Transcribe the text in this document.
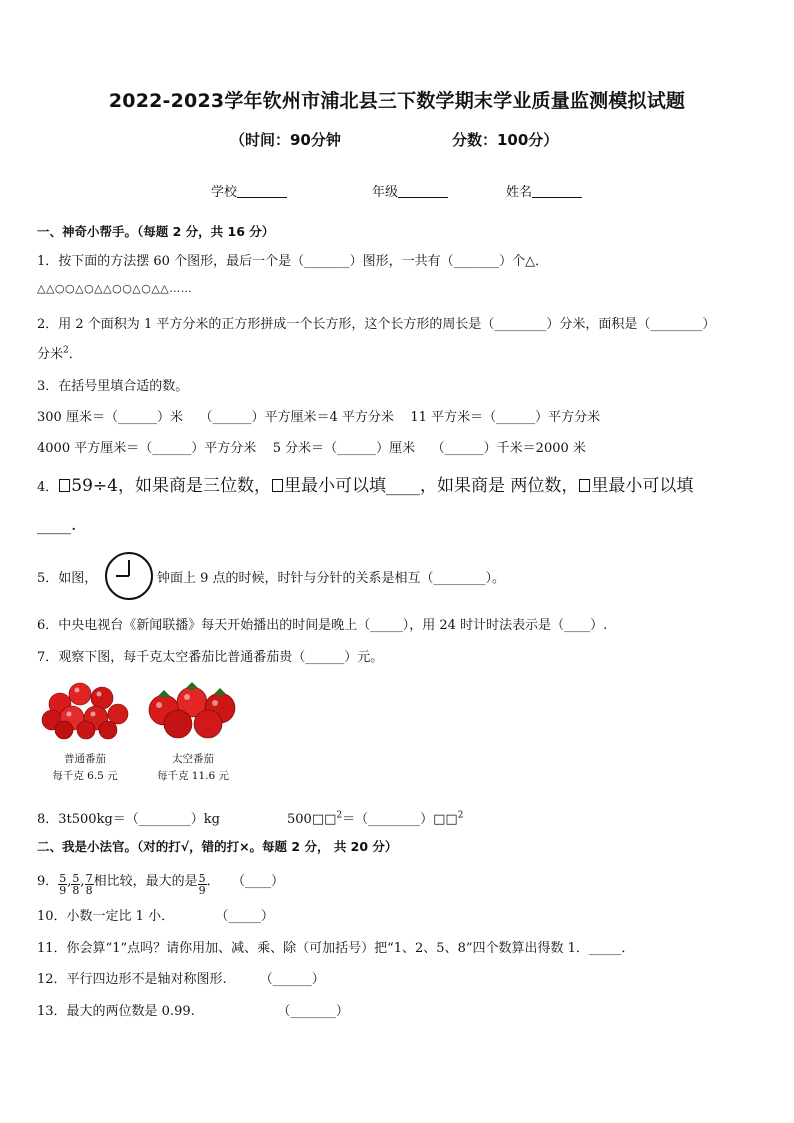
2022-2023学年钦州市浦北县三下数学期末学业质量监测模拟试题
（时间：90分钟	分数：100分）
学校	年级	姓名
一、神奇小帮手。（每题 2 分，共 16 分）
1．按下面的方法摆 60 个图形，最后一个是（_______）图形，一共有（_______）个△．
△△○○△○△△○○△○△△……
2．用 2 个面积为 1 平方分米的正方形拼成一个长方形，这个长方形的周长是（________）分米，面积是（________）
分米$^2$．
3．在括号里填合适的数。
300 厘米＝（______）米    （______）平方厘米＝4 平方分米    11 平方米＝（______）平方分米
4000 平方厘米＝（______）平方分米    5 分米＝（______）厘米    （______）千米＝2000 米
4． 59÷4，如果商是三位数， 里最小可以填____，如果商是 两位数， 里最小可以填
____.
5．如图，	钟面上 9 点的时候，时针与分针的关系是相互（________）。
6．中央电视台《新闻联播》每天开始播出的时间是晚上（_____），用 24 时计时法表示是（____）.
7．观察下图，每千克太空番茄比普通番茄贵（______）元。
普通番茄
每千克 6.5 元
太空番茄
每千克 11.6 元
8．3t500kg＝（________）kg	500□□$^2$＝（________）□□$^2$
二、我是小法官。（对的打√，错的打×。每题 2 分， 共 20 分）
9． $\frac{5}{9}$ , $\frac{5}{8}$ , $\frac{7}{8}$ 相比较，最大的是 $\frac{5}{9}$ ．   （____）
10．小数一定比 1 小．          （_____）
11．你会算“1”点吗？请你用加、减、乘、除（可加括号）把“1、2、5、8”四个数算出得数 1．_____．
12．平行四边形不是轴对称图形.        （______）
13．最大的两位数是 0.99.                    （_______）
